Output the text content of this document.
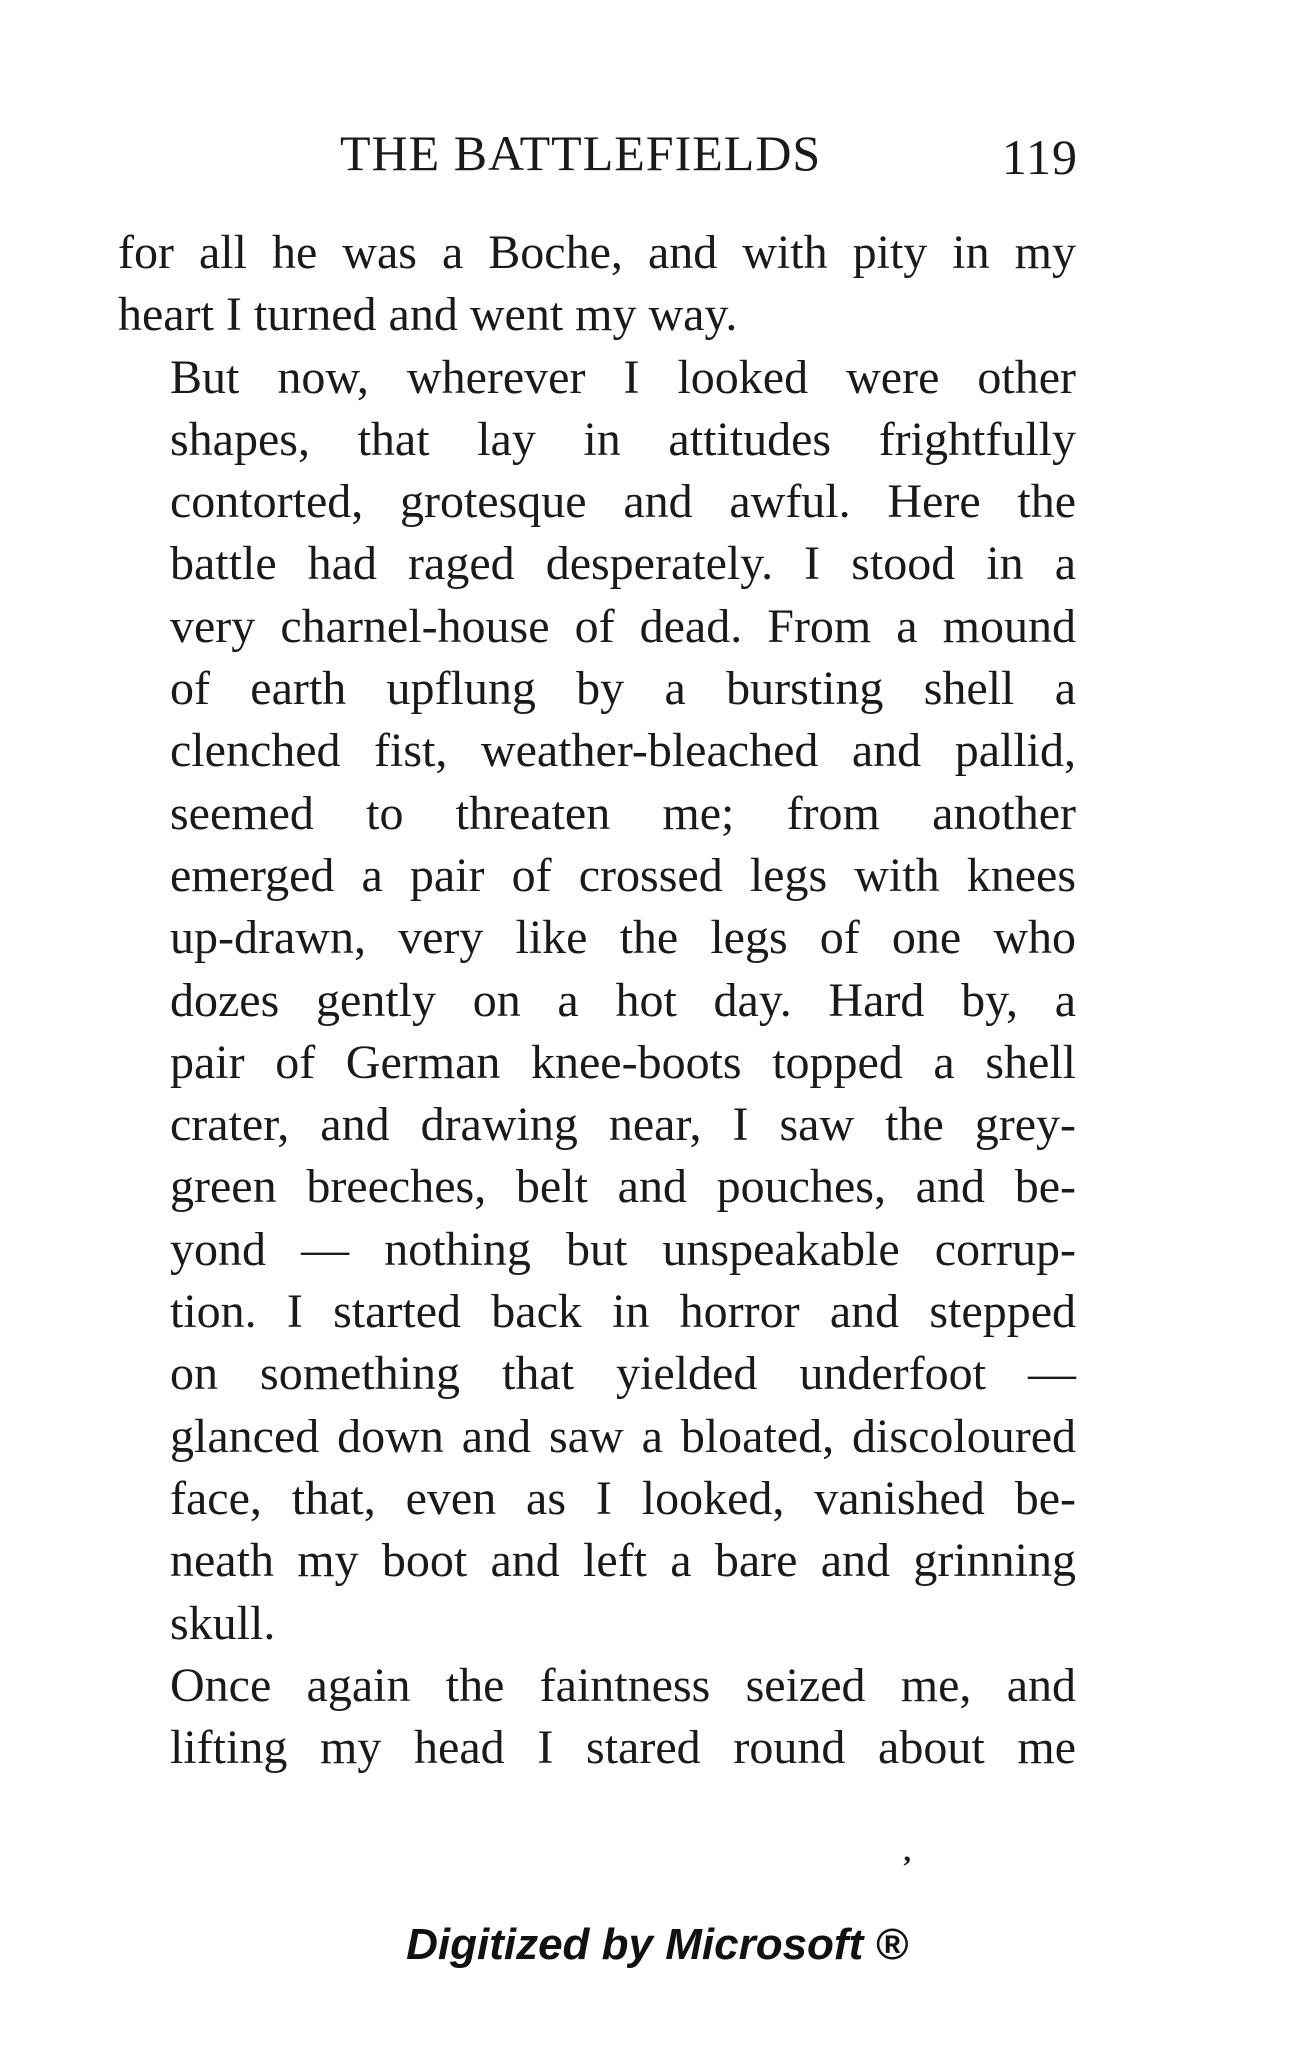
THE BATTLEFIELDS	119

for all he was a Boche, and with pity in my
heart I turned and went my way.

But now, wherever I looked were other
shapes, that lay in attitudes frightfully
contorted, grotesque and awful. Here the
battle had raged desperately. I stood in a
very charnel-house of dead. From a mound
of earth upflung by a bursting shell a
clenched fist, weather-bleached and pallid,
seemed to threaten me; from another
emerged a pair of crossed legs with knees
up-drawn, very like the legs of one who
dozes gently on a hot day. Hard by, a
pair of German knee-boots topped a shell
crater, and drawing near, I saw the grey-
green breeches, belt and pouches, and be-
yond — nothing but unspeakable corrup-
tion. I started back in horror and stepped
on something that yielded underfoot —
glanced down and saw a bloated, discoloured
face, that, even as I looked, vanished be-
neath my boot and left a bare and grinning
skull.

Once again the faintness seized me, and
lifting my head I stared round about me

’
Digitized by Microsoft ®
